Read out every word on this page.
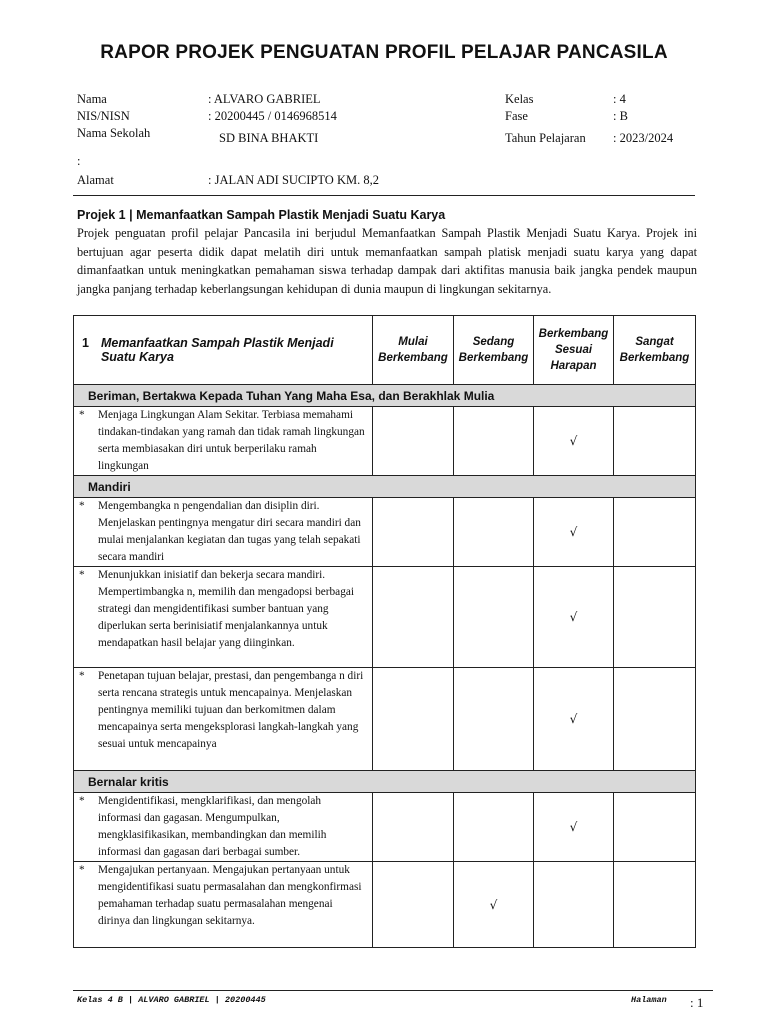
RAPOR PROJEK PENGUATAN PROFIL PELAJAR PANCASILA
Nama	: ALVARO GABRIEL
NIS/NISN	: 20200445 / 0146968514
Nama Sekolah	SD BINA BHAKTI
:
Alamat	: JALAN ADI SUCIPTO KM. 8,2
Kelas	: 4
Fase	: B
Tahun Pelajaran : 2023/2024
Projek 1 | Memanfaatkan Sampah Plastik Menjadi Suatu Karya
Projek penguatan profil pelajar Pancasila ini berjudul Memanfaatkan Sampah Plastik Menjadi Suatu Karya. Projek ini bertujuan agar peserta didik dapat melatih diri untuk memanfaatkan sampah platisk menjadi suatu karya yang dapat dimanfaatkan untuk meningkatkan pemahaman siswa terhadap dampak dari aktifitas manusia baik jangka pendek maupun jangka panjang terhadap keberlangsungan kehidupan di dunia maupun di lingkungan sekitarnya.
1 Memanfaatkan Sampah Plastik Menjadi Suatu Karya	Mulai Berkembang	Sedang Berkembang	Berkembang Sesuai Harapan	Sangat Berkembang
Beriman, Bertakwa Kepada Tuhan Yang Maha Esa, dan Berakhlak Mulia				
* Menjaga Lingkungan Alam Sekitar. Terbiasa memahami tindakan-tindakan yang ramah dan tidak ramah lingkungan serta membiasakan diri untuk berperilaku ramah lingkungan			√	
Mandiri				
* Mengembangka n pengendalian dan disiplin diri. Menjelaskan pentingnya mengatur diri secara mandiri dan mulai menjalankan kegiatan dan tugas yang telah sepakati secara mandiri			√	
* Menunjukkan inisiatif dan bekerja secara mandiri. Mempertimbangka n, memilih dan mengadopsi berbagai strategi dan mengidentifikasi sumber bantuan yang diperlukan serta berinisiatif menjalankannya untuk mendapatkan hasil belajar yang diinginkan.			√	
* Penetapan tujuan belajar, prestasi, dan pengembanga n diri serta rencana strategis untuk mencapainya. Menjelaskan pentingnya memiliki tujuan dan berkomitmen dalam mencapainya serta mengeksplorasi langkah-langkah yang sesuai untuk mencapainya			√	
Bernalar kritis				
* Mengidentifikasi, mengklarifikasi, dan mengolah informasi dan gagasan. Mengumpulkan, mengklasifikasikan, membandingkan dan memilih informasi dan gagasan dari berbagai sumber.			√	
* Mengajukan pertanyaan. Mengajukan pertanyaan untuk mengidentifikasi suatu permasalahan dan mengkonfirmasi pemahaman terhadap suatu permasalahan mengenai dirinya dan lingkungan sekitarnya.		√		
Kelas 4 B | ALVARO GABRIEL | 20200445	Halaman : 1
